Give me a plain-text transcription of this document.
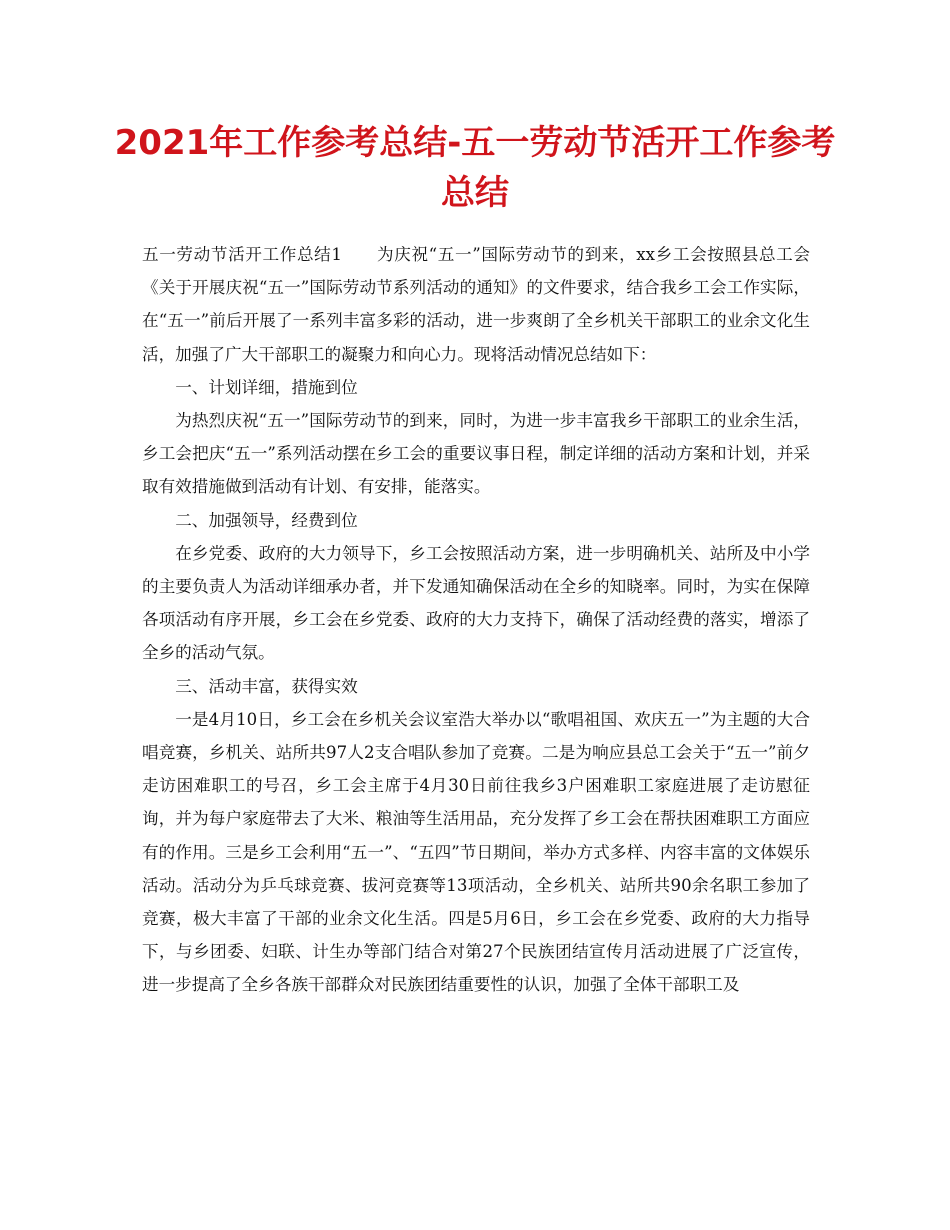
2021年工作参考总结-五一劳动节活开工作参考总结

五一劳动节活开工作总结1　　为庆祝“五一”国际劳动节的到来，xx乡工会按照县总工会《关于开展庆祝“五一”国际劳动节系列活动的通知》的文件要求，结合我乡工会工作实际，在“五一”前后开展了一系列丰富多彩的活动，进一步爽朗了全乡机关干部职工的业余文化生活，加强了广大干部职工的凝聚力和向心力。现将活动情况总结如下：

一、计划详细，措施到位

为热烈庆祝“五一”国际劳动节的到来，同时，为进一步丰富我乡干部职工的业余生活，乡工会把庆“五一”系列活动摆在乡工会的重要议事日程，制定详细的活动方案和计划，并采取有效措施做到活动有计划、有安排，能落实。

二、加强领导，经费到位

在乡党委、政府的大力领导下，乡工会按照活动方案，进一步明确机关、站所及中小学的主要负责人为活动详细承办者，并下发通知确保活动在全乡的知晓率。同时，为实在保障各项活动有序开展，乡工会在乡党委、政府的大力支持下，确保了活动经费的落实，增添了全乡的活动气氛。

三、活动丰富，获得实效

一是4月10日，乡工会在乡机关会议室浩大举办以“歌唱祖国、欢庆五一”为主题的大合唱竞赛，乡机关、站所共97人2支合唱队参加了竞赛。二是为响应县总工会关于“五一”前夕走访困难职工的号召，乡工会主席于4月30日前往我乡3户困难职工家庭进展了走访慰征询，并为每户家庭带去了大米、粮油等生活用品，充分发挥了乡工会在帮扶困难职工方面应有的作用。三是乡工会利用“五一”、“五四”节日期间，举办方式多样、内容丰富的文体娱乐活动。活动分为乒乓球竞赛、拔河竞赛等13项活动，全乡机关、站所共90余名职工参加了竞赛，极大丰富了干部的业余文化生活。四是5月6日，乡工会在乡党委、政府的大力指导下，与乡团委、妇联、计生办等部门结合对第27个民族团结宣传月活动进展了广泛宣传，进一步提高了全乡各族干部群众对民族团结重要性的认识，加强了全体干部职工及
